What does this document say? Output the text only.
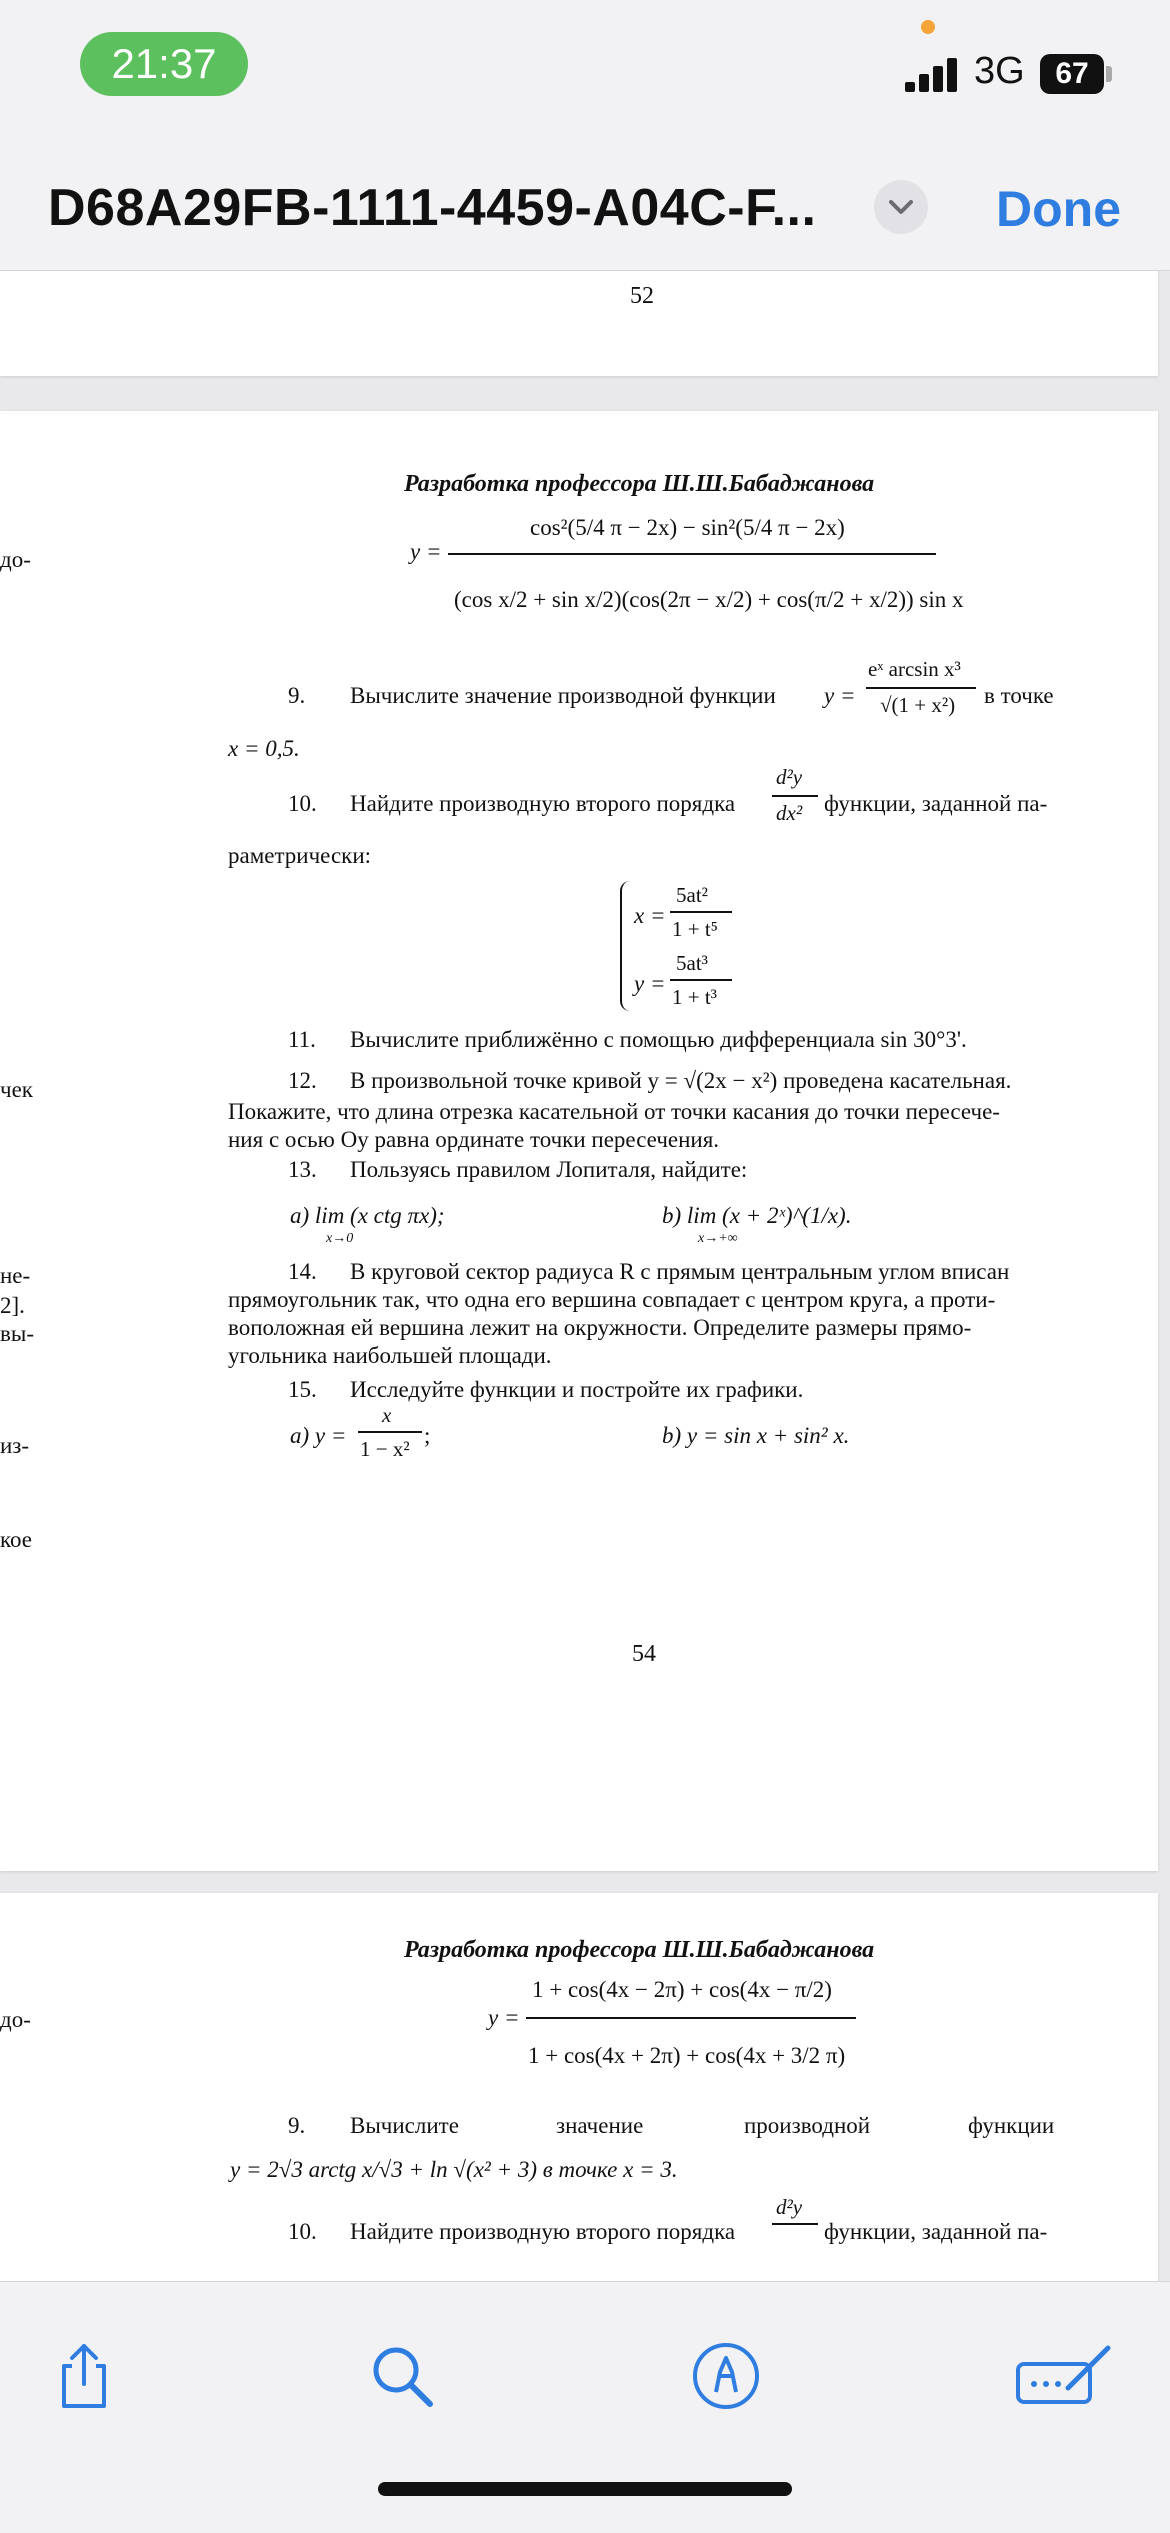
21:37	3G	67
D68A29FB-1111-4459-A04C-F...	Done
52
Разработка профессора Ш.Ш.Бабаджанова
y =
cos²(5/4 π − 2x) − sin²(5/4 π − 2x)
(cos x/2 + sin x/2)(cos(2π − x/2) + cos(π/2 + x/2)) sin x
9. Вычислите значение производной функции y =
eˣ arcsin x³
√(1 + x²) в точке
x = 0,5.
10. Найдите производную второго порядка
d²y
dx² функции, заданной па-
раметрически:
x =
5at²
1 + t⁵
y =
5at³
1 + t³
11. Вычислите приближённо с помощью дифференциала sin 30°3'.
12. В произвольной точке кривой y = √(2x − x²) проведена касательная.
Покажите, что длина отрезка касательной от точки касания до точки пересече-
ния с осью Oy равна ординате точки пересечения.
13. Пользуясь правилом Лопиталя, найдите:
a) lim (x ctg πx);
x→0
b) lim (x + 2ˣ)^(1/x).
x→+∞
14. В круговой сектор радиуса R с прямым центральным углом вписан
прямоугольник так, что одна его вершина совпадает с центром круга, а проти-
воположная ей вершина лежит на окружности. Определите размеры прямо-
угольника наибольшей площади.
15. Исследуйте функции и постройте их графики.
a) y =
x
1 − x²
;	b) y = sin x + sin² x.
до-
чек
не-
2].
вы-
из-
кое
54
Разработка профессора Ш.Ш.Бабаджанова
y =
1 + cos(4x − 2π) + cos(4x − π/2)
1 + cos(4x + 2π) + cos(4x + 3/2 π)
9. Вычислите	значение	производной	функции
y = 2√3 arctg x/√3 + ln √(x² + 3) в точке x = 3.
10. Найдите производную второго порядка
d²y
функции, заданной па-
до-
